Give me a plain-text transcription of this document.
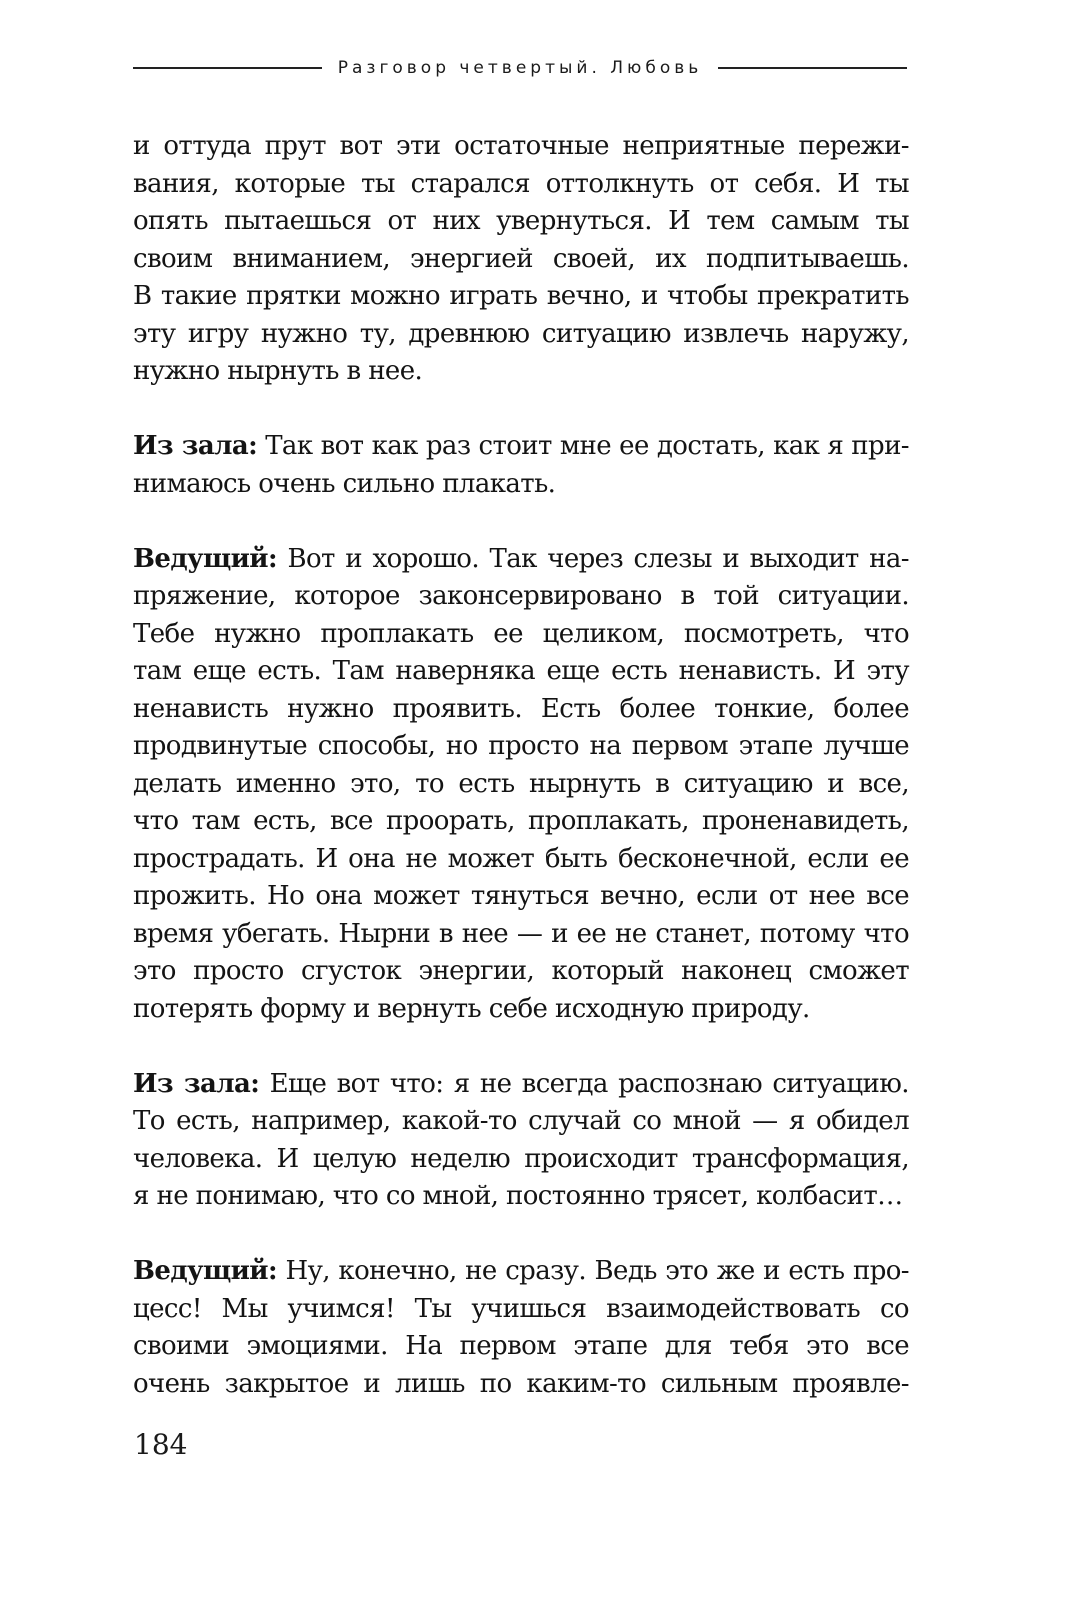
Разговор четвертый. Любовь

и оттуда прут вот эти остаточные неприятные пережи-
вания, которые ты старался оттолкнуть от себя. И ты
опять пытаешься от них увернуться. И тем самым ты
своим вниманием, энергией своей, их подпитываешь.
В такие прятки можно играть вечно, и чтобы прекратить
эту игру нужно ту, древнюю ситуацию извлечь наружу,
нужно нырнуть в нее.

Из зала: Так вот как раз стоит мне ее достать, как я при-
нимаюсь очень сильно плакать.

Ведущий: Вот и хорошо. Так через слезы и выходит на-
пряжение, которое законсервировано в той ситуации.
Тебе нужно проплакать ее целиком, посмотреть, что
там еще есть. Там наверняка еще есть ненависть. И эту
ненависть нужно проявить. Есть более тонкие, более
продвинутые способы, но просто на первом этапе лучше
делать именно это, то есть нырнуть в ситуацию и все,
что там есть, все проорать, проплакать, проненавидеть,
прострадать. И она не может быть бесконечной, если ее
прожить. Но она может тянуться вечно, если от нее все
время убегать. Нырни в нее — и ее не станет, потому что
это просто сгусток энергии, который наконец сможет
потерять форму и вернуть себе исходную природу.

Из зала: Еще вот что: я не всегда распознаю ситуацию.
То есть, например, какой-то случай со мной — я обидел
человека. И целую неделю происходит трансформация,
я не понимаю, что со мной, постоянно трясет, колбасит…

Ведущий: Ну, конечно, не сразу. Ведь это же и есть про-
цесс! Мы учимся! Ты учишься взаимодействовать со
своими эмоциями. На первом этапе для тебя это все
очень закрытое и лишь по каким-то сильным проявле-

184
